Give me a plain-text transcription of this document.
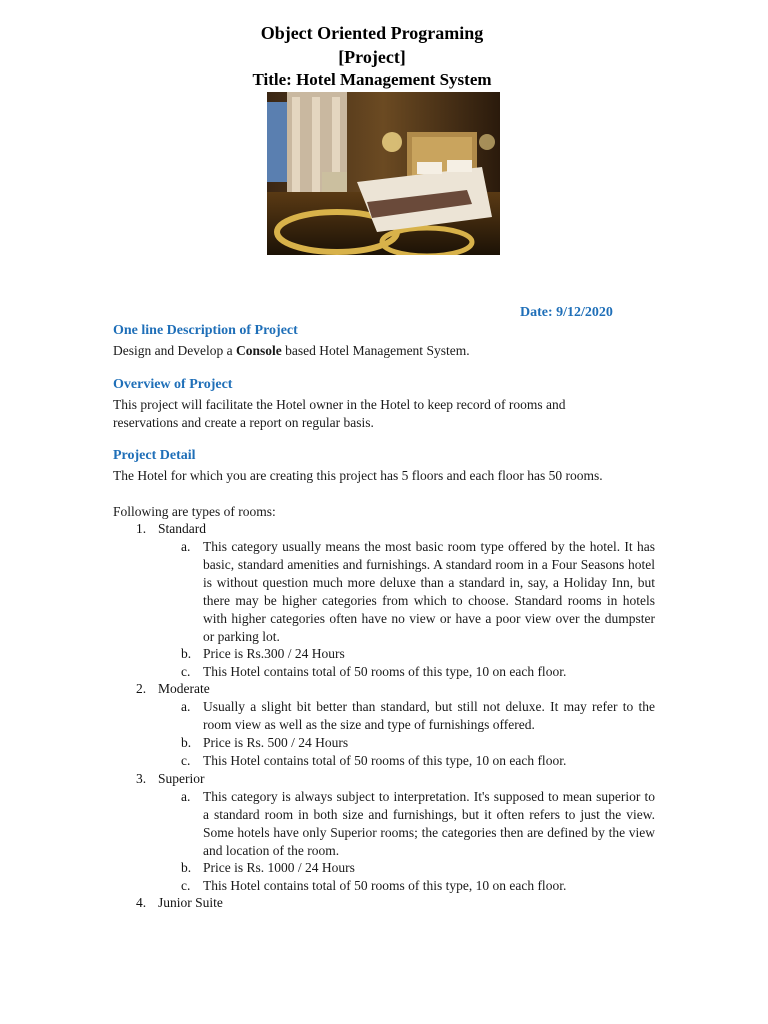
Object Oriented Programing
[Project]
Title: Hotel Management System
Date: 9/12/2020
One line Description of Project
Design and Develop a Console based Hotel Management System.
Overview of Project
This project will facilitate the Hotel owner in the Hotel to keep record of rooms and reservations and create a report on regular basis.
Project Detail
The Hotel for which you are creating this project has 5 floors and each floor has 50 rooms.
Following are types of rooms:
1. Standard
a. This category usually means the most basic room type offered by the hotel. It has basic, standard amenities and furnishings. A standard room in a Four Seasons hotel is without question much more deluxe than a standard in, say, a Holiday Inn, but there may be higher categories from which to choose. Standard rooms in hotels with higher categories often have no view or have a poor view over the dumpster or parking lot.
b. Price is Rs.300 / 24 Hours
c. This Hotel contains total of 50 rooms of this type, 10 on each floor.
2. Moderate
a. Usually a slight bit better than standard, but still not deluxe. It may refer to the room view as well as the size and type of furnishings offered.
b. Price is Rs. 500 / 24 Hours
c. This Hotel contains total of 50 rooms of this type, 10 on each floor.
3. Superior
a. This category is always subject to interpretation. It's supposed to mean superior to a standard room in both size and furnishings, but it often refers to just the view. Some hotels have only Superior rooms; the categories then are defined by the view and location of the room.
b. Price is Rs. 1000 / 24 Hours
c. This Hotel contains total of 50 rooms of this type, 10 on each floor.
4. Junior Suite
